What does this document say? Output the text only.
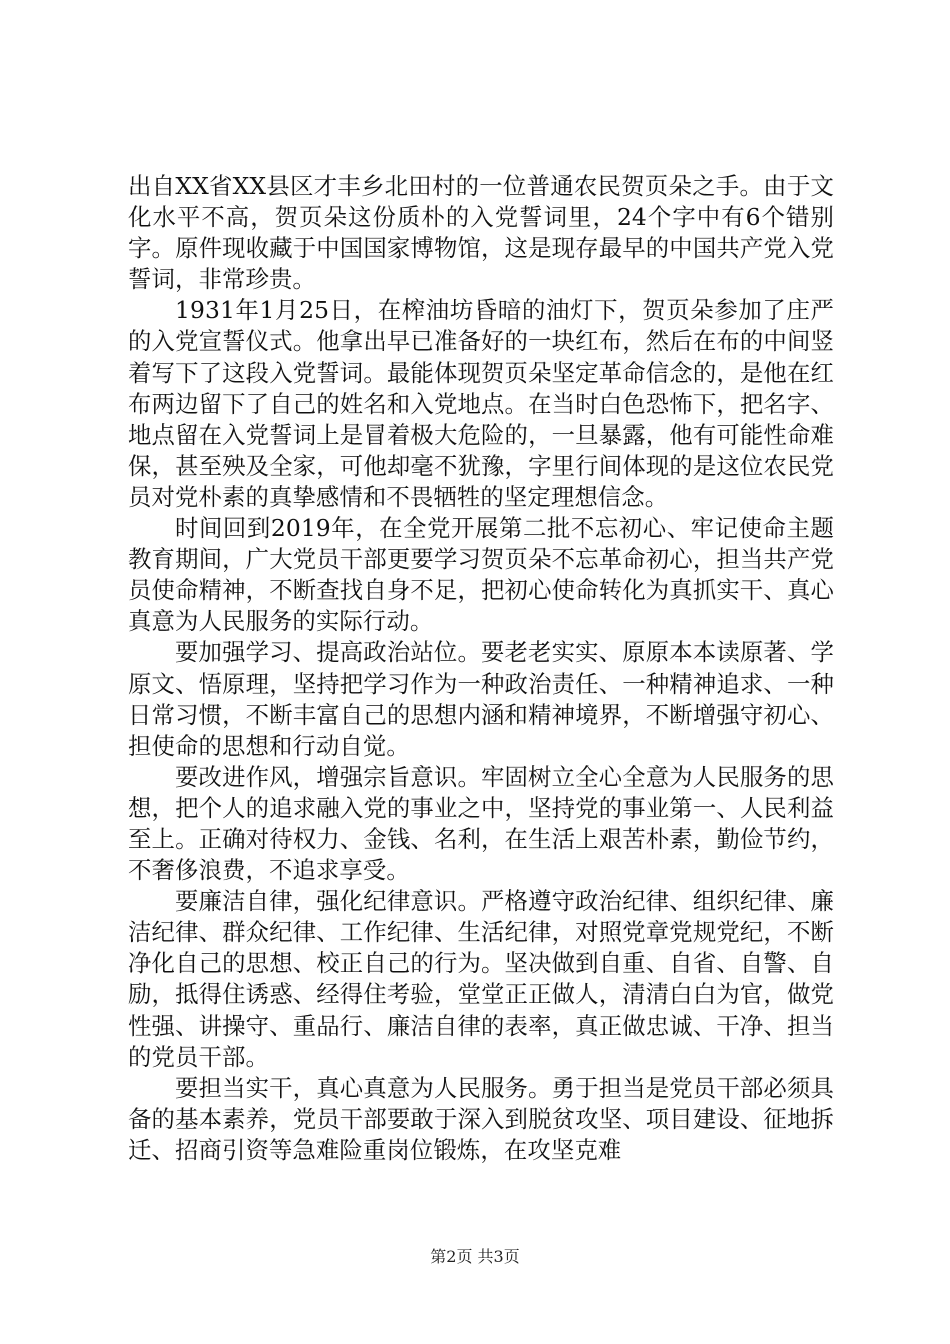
出自XX省XX县区才丰乡北田村的一位普通农民贺页朵之手。由于文化水平不高，贺页朵这份质朴的入党誓词里，24个字中有6个错别字。原件现收藏于中国国家博物馆，这是现存最早的中国共产党入党誓词，非常珍贵。

1931年1月25日，在榨油坊昏暗的油灯下，贺页朵参加了庄严的入党宣誓仪式。他拿出早已准备好的一块红布，然后在布的中间竖着写下了这段入党誓词。最能体现贺页朵坚定革命信念的，是他在红布两边留下了自己的姓名和入党地点。在当时白色恐怖下，把名字、地点留在入党誓词上是冒着极大危险的，一旦暴露，他有可能性命难保，甚至殃及全家，可他却毫不犹豫，字里行间体现的是这位农民党员对党朴素的真挚感情和不畏牺牲的坚定理想信念。

时间回到2019年，在全党开展第二批不忘初心、牢记使命主题教育期间，广大党员干部更要学习贺页朵不忘革命初心，担当共产党员使命精神，不断查找自身不足，把初心使命转化为真抓实干、真心真意为人民服务的实际行动。

要加强学习、提高政治站位。要老老实实、原原本本读原著、学原文、悟原理，坚持把学习作为一种政治责任、一种精神追求、一种日常习惯，不断丰富自己的思想内涵和精神境界，不断增强守初心、担使命的思想和行动自觉。

要改进作风，增强宗旨意识。牢固树立全心全意为人民服务的思想，把个人的追求融入党的事业之中，坚持党的事业第一、人民利益至上。正确对待权力、金钱、名利，在生活上艰苦朴素，勤俭节约，不奢侈浪费，不追求享受。

要廉洁自律，强化纪律意识。严格遵守政治纪律、组织纪律、廉洁纪律、群众纪律、工作纪律、生活纪律，对照党章党规党纪，不断净化自己的思想、校正自己的行为。坚决做到自重、自省、自警、自励，抵得住诱惑、经得住考验，堂堂正正做人，清清白白为官，做党性强、讲操守、重品行、廉洁自律的表率，真正做忠诚、干净、担当的党员干部。

要担当实干，真心真意为人民服务。勇于担当是党员干部必须具备的基本素养，党员干部要敢于深入到脱贫攻坚、项目建设、征地拆迁、招商引资等急难险重岗位锻炼，在攻坚克难

第2页 共3页
